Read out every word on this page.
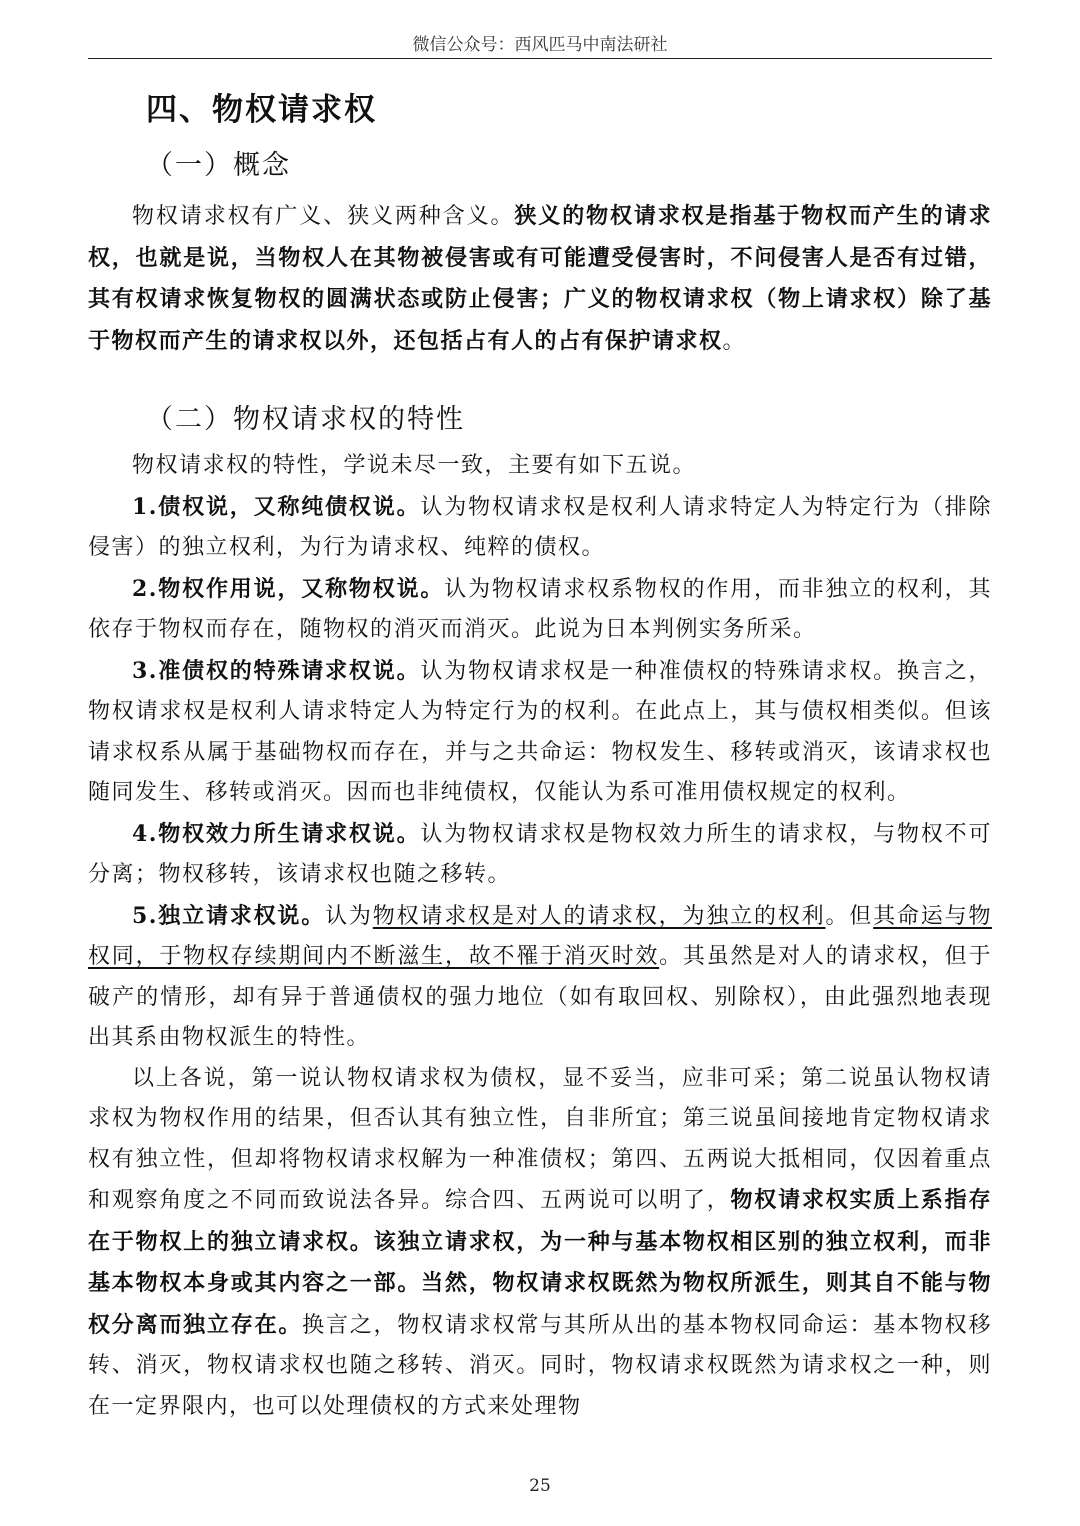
微信公众号：西风匹马中南法研社
四、物权请求权
（一）概念

物权请求权有广义、狭义两种含义。狭义的物权请求权是指基于物权而产生的请求权，也就是说，当物权人在其物被侵害或有可能遭受侵害时，不问侵害人是否有过错，其有权请求恢复物权的圆满状态或防止侵害；广义的物权请求权（物上请求权）除了基于物权而产生的请求权以外，还包括占有人的占有保护请求权。

（二）物权请求权的特性

物权请求权的特性，学说未尽一致，主要有如下五说。

1.债权说，又称纯债权说。认为物权请求权是权利人请求特定人为特定行为（排除侵害）的独立权利，为行为请求权、纯粹的债权。

2.物权作用说，又称物权说。认为物权请求权系物权的作用，而非独立的权利，其依存于物权而存在，随物权的消灭而消灭。此说为日本判例实务所采。

3.准债权的特殊请求权说。认为物权请求权是一种准债权的特殊请求权。换言之，物权请求权是权利人请求特定人为特定行为的权利。在此点上，其与债权相类似。但该请求权系从属于基础物权而存在，并与之共命运：物权发生、移转或消灭，该请求权也随同发生、移转或消灭。因而也非纯债权，仅能认为系可准用债权规定的权利。

4.物权效力所生请求权说。认为物权请求权是物权效力所生的请求权，与物权不可分离；物权移转，该请求权也随之移转。

5.独立请求权说。认为物权请求权是对人的请求权，为独立的权利。但其命运与物权同，于物权存续期间内不断滋生，故不罹于消灭时效。其虽然是对人的请求权，但于破产的情形，却有异于普通债权的强力地位（如有取回权、别除权），由此强烈地表现出其系由物权派生的特性。

以上各说，第一说认物权请求权为债权，显不妥当，应非可采；第二说虽认物权请求权为物权作用的结果，但否认其有独立性，自非所宜；第三说虽间接地肯定物权请求权有独立性，但却将物权请求权解为一种准债权；第四、五两说大抵相同，仅因着重点和观察角度之不同而致说法各异。综合四、五两说可以明了，物权请求权实质上系指存在于物权上的独立请求权。该独立请求权，为一种与基本物权相区别的独立权利，而非基本物权本身或其内容之一部。当然，物权请求权既然为物权所派生，则其自不能与物权分离而独立存在。换言之，物权请求权常与其所从出的基本物权同命运：基本物权移转、消灭，物权请求权也随之移转、消灭。同时，物权请求权既然为请求权之一种，则在一定界限内，也可以处理债权的方式来处理物

25
